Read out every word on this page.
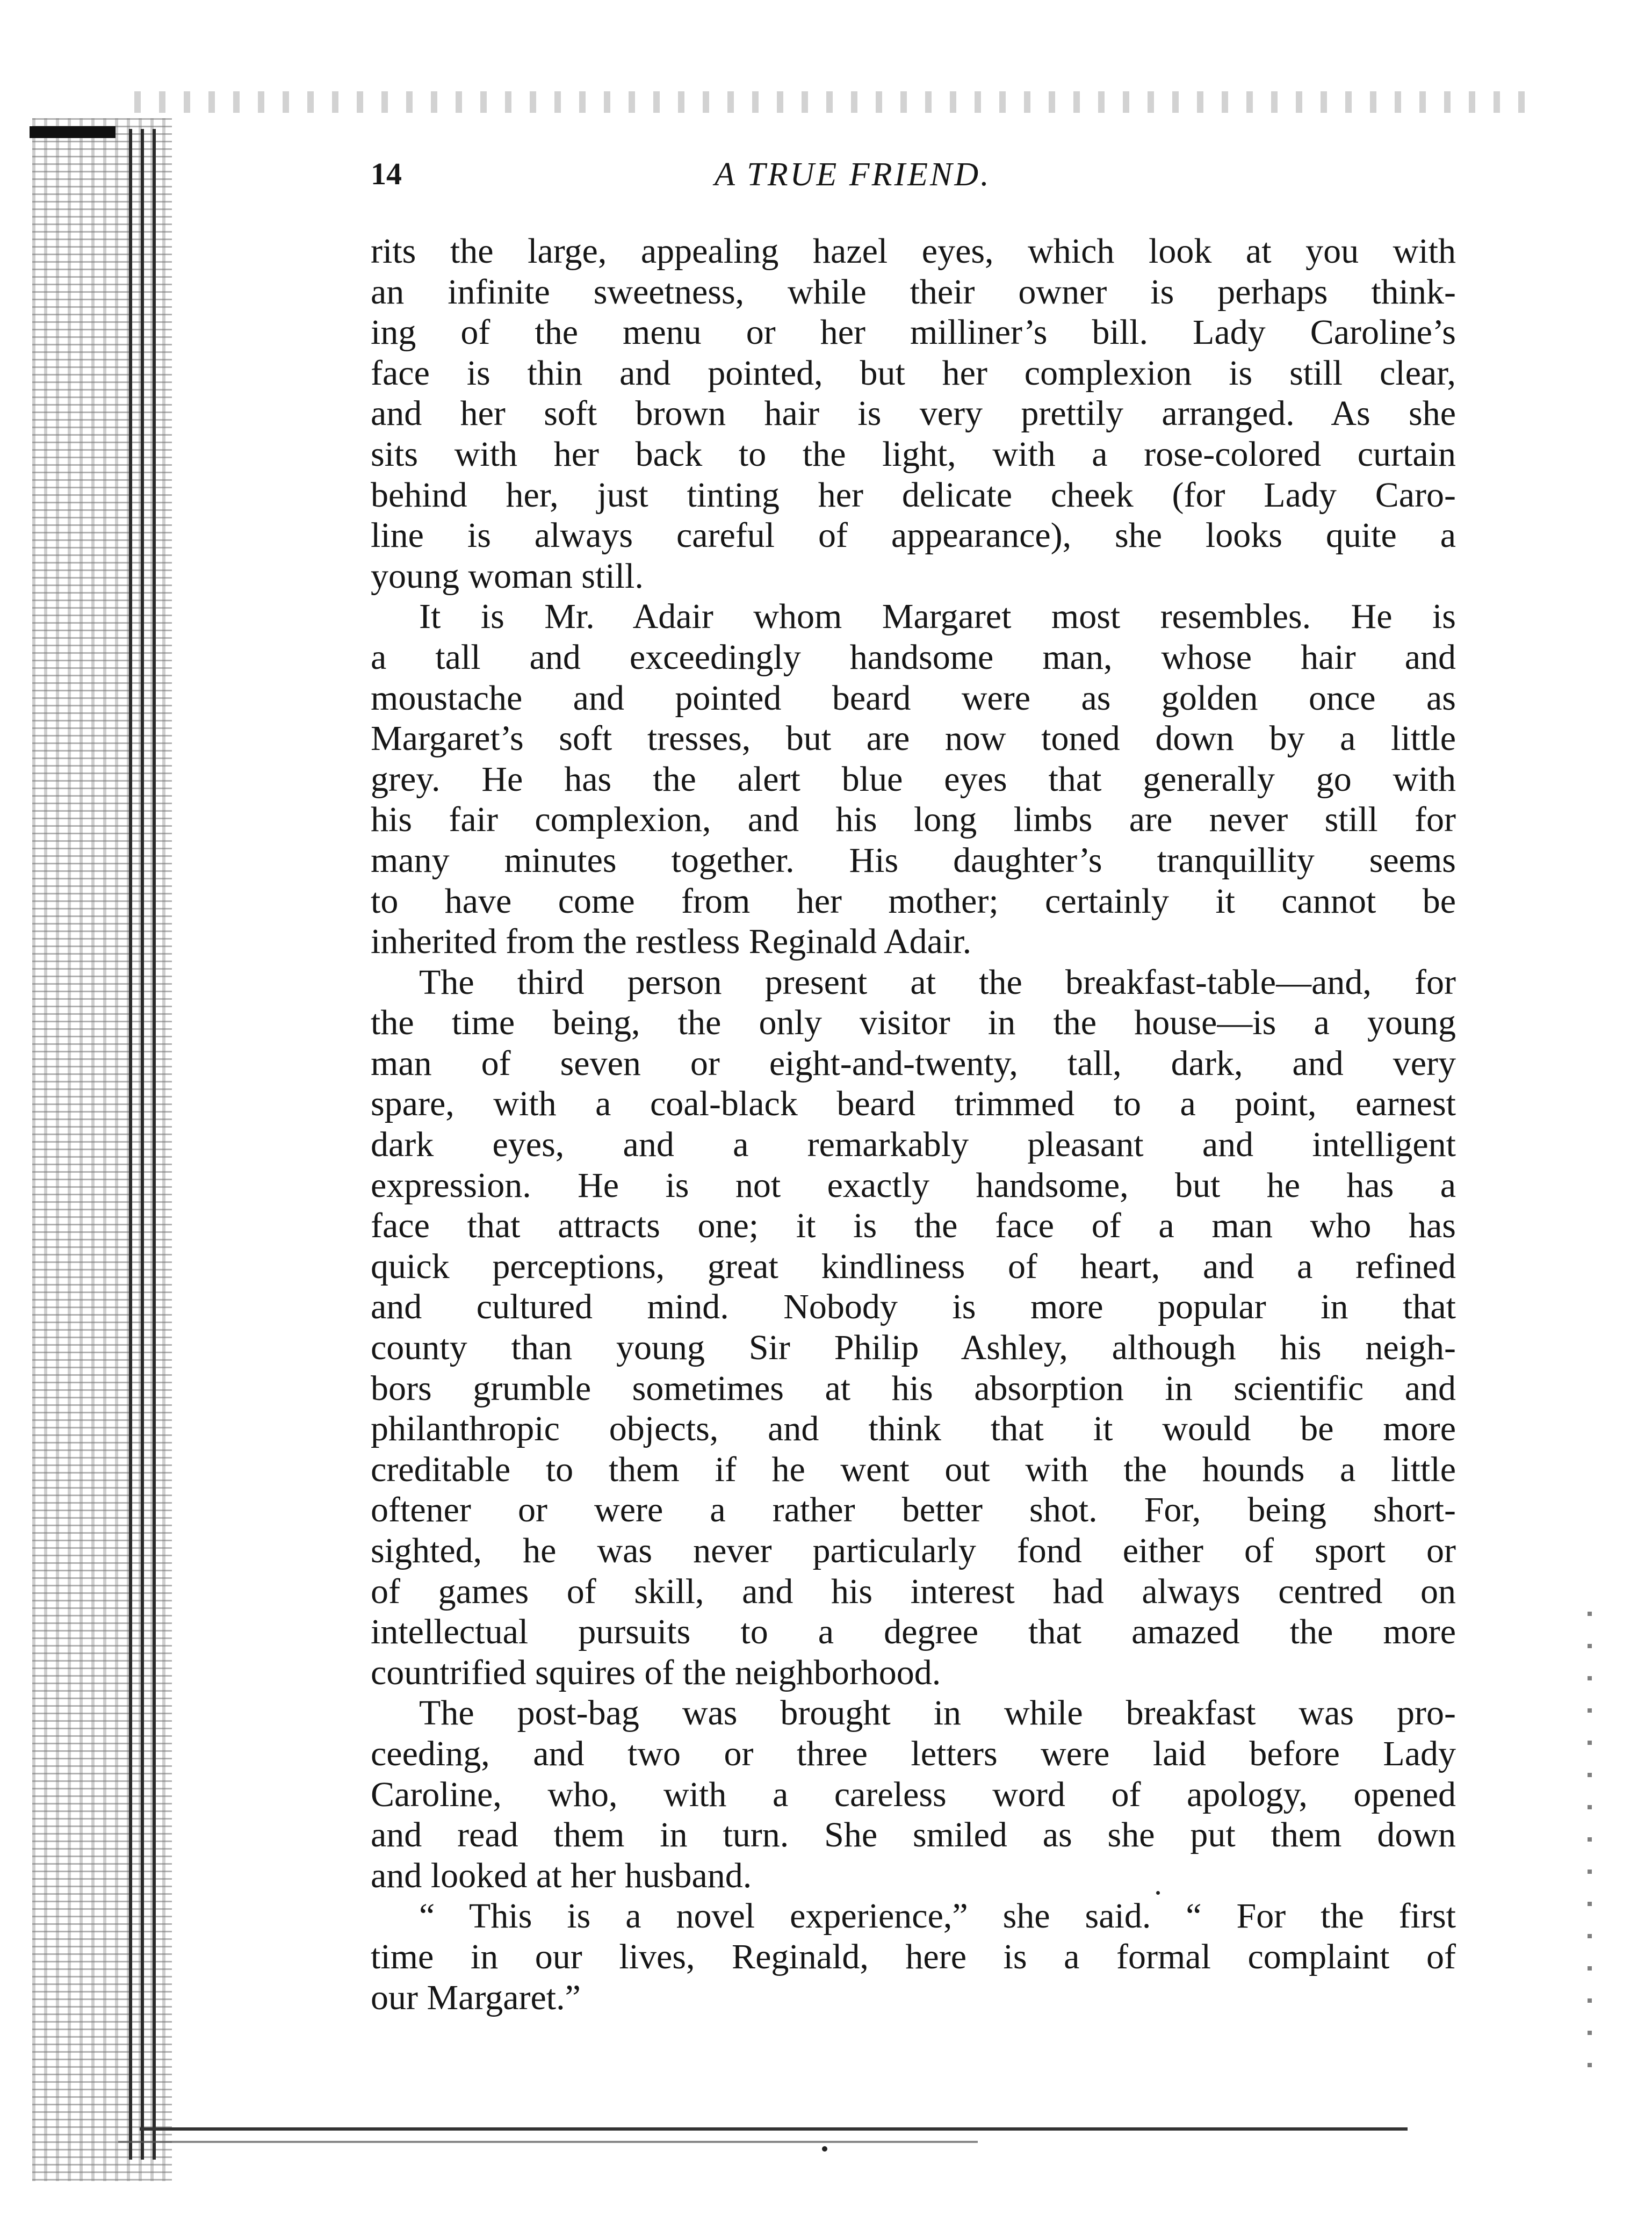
14	A TRUE FRIEND.
rits the large, appealing hazel eyes, which look at you with
an infinite sweetness, while their owner is perhaps think-
ing of the menu or her milliner’s bill. Lady Caroline’s
face is thin and pointed, but her complexion is still clear,
and her soft brown hair is very prettily arranged. As she
sits with her back to the light, with a rose-colored curtain
behind her, just tinting her delicate cheek (for Lady Caro-
line is always careful of appearance), she looks quite a
young woman still.
It is Mr. Adair whom Margaret most resembles. He is
a tall and exceedingly handsome man, whose hair and
moustache and pointed beard were as golden once as
Margaret’s soft tresses, but are now toned down by a little
grey. He has the alert blue eyes that generally go with
his fair complexion, and his long limbs are never still for
many minutes together. His daughter’s tranquillity seems
to have come from her mother; certainly it cannot be
inherited from the restless Reginald Adair.
The third person present at the breakfast-table—and, for
the time being, the only visitor in the house—is a young
man of seven or eight-and-twenty, tall, dark, and very
spare, with a coal-black beard trimmed to a point, earnest
dark eyes, and a remarkably pleasant and intelligent
expression. He is not exactly handsome, but he has a
face that attracts one; it is the face of a man who has
quick perceptions, great kindliness of heart, and a refined
and cultured mind. Nobody is more popular in that
county than young Sir Philip Ashley, although his neigh-
bors grumble sometimes at his absorption in scientific and
philanthropic objects, and think that it would be more
creditable to them if he went out with the hounds a little
oftener or were a rather better shot. For, being short-
sighted, he was never particularly fond either of sport or
of games of skill, and his interest had always centred on
intellectual pursuits to a degree that amazed the more
countrified squires of the neighborhood.
The post-bag was brought in while breakfast was pro-
ceeding, and two or three letters were laid before Lady
Caroline, who, with a careless word of apology, opened
and read them in turn. She smiled as she put them down
and looked at her husband.
“ This is a novel experience,” she said. “ For the first
time in our lives, Reginald, here is a formal complaint of
our Margaret.”
